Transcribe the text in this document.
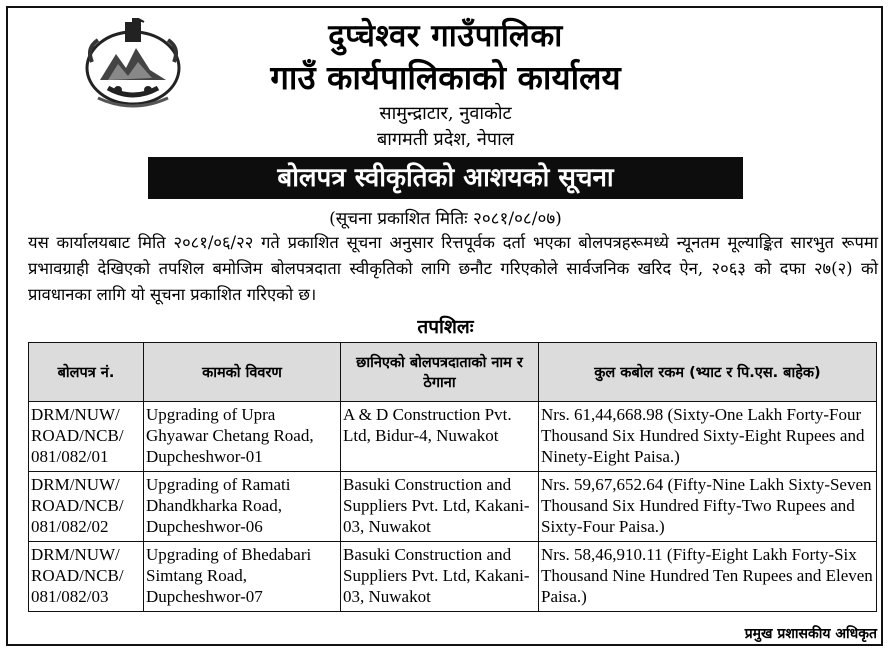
दुप्चेश्वर गाउँपालिका
गाउँ कार्यपालिकाको कार्यालय
सामुन्द्राटार, नुवाकोट
बागमती प्रदेश, नेपाल
बोलपत्र स्वीकृतिको आशयको सूचना
(सूचना प्रकाशित मितिः २०८१/०८/०७)
यस कार्यालयबाट मिति २०८१/०६/२२ गते प्रकाशित सूचना अनुसार रित्तपूर्वक दर्ता भएका बोलपत्रहरूमध्ये न्यूनतम मूल्याङ्कित सारभुत रूपमा प्रभावग्राही देखिएको तपशिल बमोजिम बोलपत्रदाता स्वीकृतिको लागि छनौट गरिएकोले सार्वजनिक खरिद ऐन, २०६३ को दफा २७(२) को प्रावधानका लागि यो सूचना प्रकाशित गरिएको छ।
तपशिलः
बोलपत्र नं.	कामको विवरण	छानिएको बोलपत्रदाताको नाम र ठेगाना	कुल कबोल रकम (भ्याट र पि.एस. बाहेक)
DRM/NUW/ ROAD/NCB/ 081/082/01	Upgrading of Upra Ghyawar Chetang Road, Dupcheshwor-01	A & D Construction Pvt. Ltd, Bidur-4, Nuwakot	Nrs. 61,44,668.98 (Sixty-One Lakh Forty-Four Thousand Six Hundred Sixty-Eight Rupees and Ninety-Eight Paisa.)
DRM/NUW/ ROAD/NCB/ 081/082/02	Upgrading of Ramati Dhandkharka Road, Dupcheshwor-06	Basuki Construction and Suppliers Pvt. Ltd, Kakani-03, Nuwakot	Nrs. 59,67,652.64 (Fifty-Nine Lakh Sixty-Seven Thousand Six Hundred Fifty-Two Rupees and Sixty-Four Paisa.)
DRM/NUW/ ROAD/NCB/ 081/082/03	Upgrading of Bhedabari Simtang Road, Dupcheshwor-07	Basuki Construction and Suppliers Pvt. Ltd, Kakani-03, Nuwakot	Nrs. 58,46,910.11 (Fifty-Eight Lakh Forty-Six Thousand Nine Hundred Ten Rupees and Eleven Paisa.)
प्रमुख प्रशासकीय अधिकृत
